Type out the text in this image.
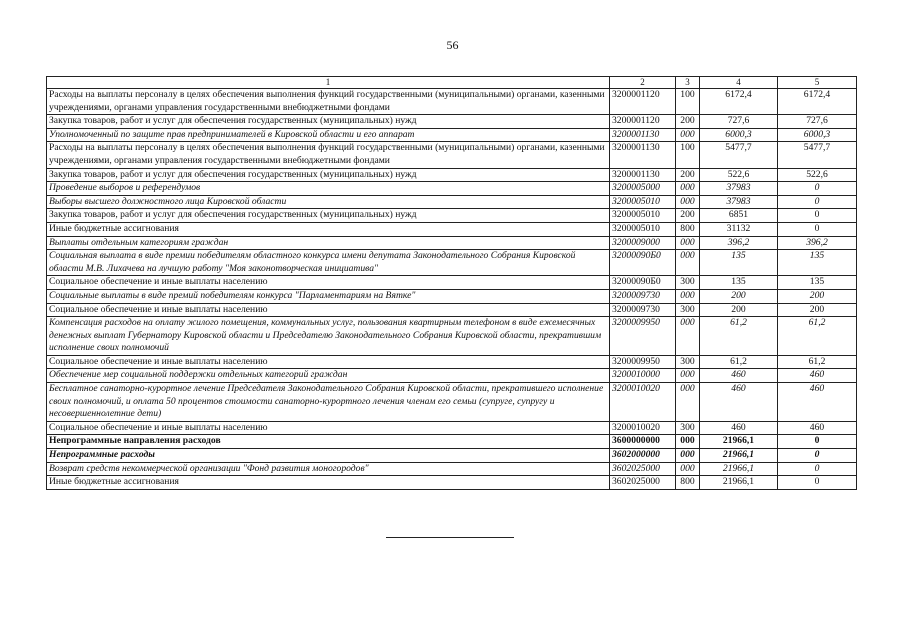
56
1	2	3	4	5
Расходы на выплаты персоналу в целях обеспечения выполнения функций государственными (муниципальными) органами, казенными учреждениями, органами управления государственными внебюджетными фондами	3200001120	100	6172,4	6172,4
Закупка товаров, работ и услуг для обеспечения государственных (муниципальных) нужд	3200001120	200	727,6	727,6
Уполномоченный по защите прав предпринимателей в Кировской области и его аппарат	3200001130	000	6000,3	6000,3
Расходы на выплаты персоналу в целях обеспечения выполнения функций государственными (муниципальными) органами, казенными учреждениями, органами управления государственными внебюджетными фондами	3200001130	100	5477,7	5477,7
Закупка товаров, работ и услуг для обеспечения государственных (муниципальных) нужд	3200001130	200	522,6	522,6
Проведение выборов и референдумов	3200005000	000	37983	0
Выборы высшего должностного лица Кировской области	3200005010	000	37983	0
Закупка товаров, работ и услуг для обеспечения государственных (муниципальных) нужд	3200005010	200	6851	0
Иные бюджетные ассигнования	3200005010	800	31132	0
Выплаты отдельным категориям граждан	3200009000	000	396,2	396,2
Социальная выплата в виде премии победителям областного конкурса имени депутата Законодательного Собрания Кировской области М.В. Лихачева на лучшую работу "Моя законотворческая инициатива"	32000090Б0	000	135	135
Социальное обеспечение и иные выплаты населению	32000090Б0	300	135	135
Социальные выплаты в виде премий победителям конкурса "Парламентариям на Вятке"	3200009730	000	200	200
Социальное обеспечение и иные выплаты населению	3200009730	300	200	200
Компенсация расходов на оплату жилого помещения, коммунальных услуг, пользования квартирным телефоном в виде ежемесячных денежных выплат Губернатору Кировской области и Председателю Законодательного Собрания Кировской области, прекратившим исполнение своих полномочий	3200009950	000	61,2	61,2
Социальное обеспечение и иные выплаты населению	3200009950	300	61,2	61,2
Обеспечение мер социальной поддержки отдельных категорий граждан	3200010000	000	460	460
Бесплатное санаторно-курортное лечение Председателя Законодательного Собрания Кировской области, прекратившего исполнение своих полномочий, и оплата 50 процентов стоимости санаторно-курортного лечения членам его семьи (супруге, супругу и несовершеннолетние дети)	3200010020	000	460	460
Социальное обеспечение и иные выплаты населению	3200010020	300	460	460
Непрограммные направления расходов	3600000000	000	21966,1	0
Непрограммные расходы	3602000000	000	21966,1	0
Возврат средств некоммерческой организации "Фонд развития моногородов"	3602025000	000	21966,1	0
Иные бюджетные ассигнования	3602025000	800	21966,1	0
